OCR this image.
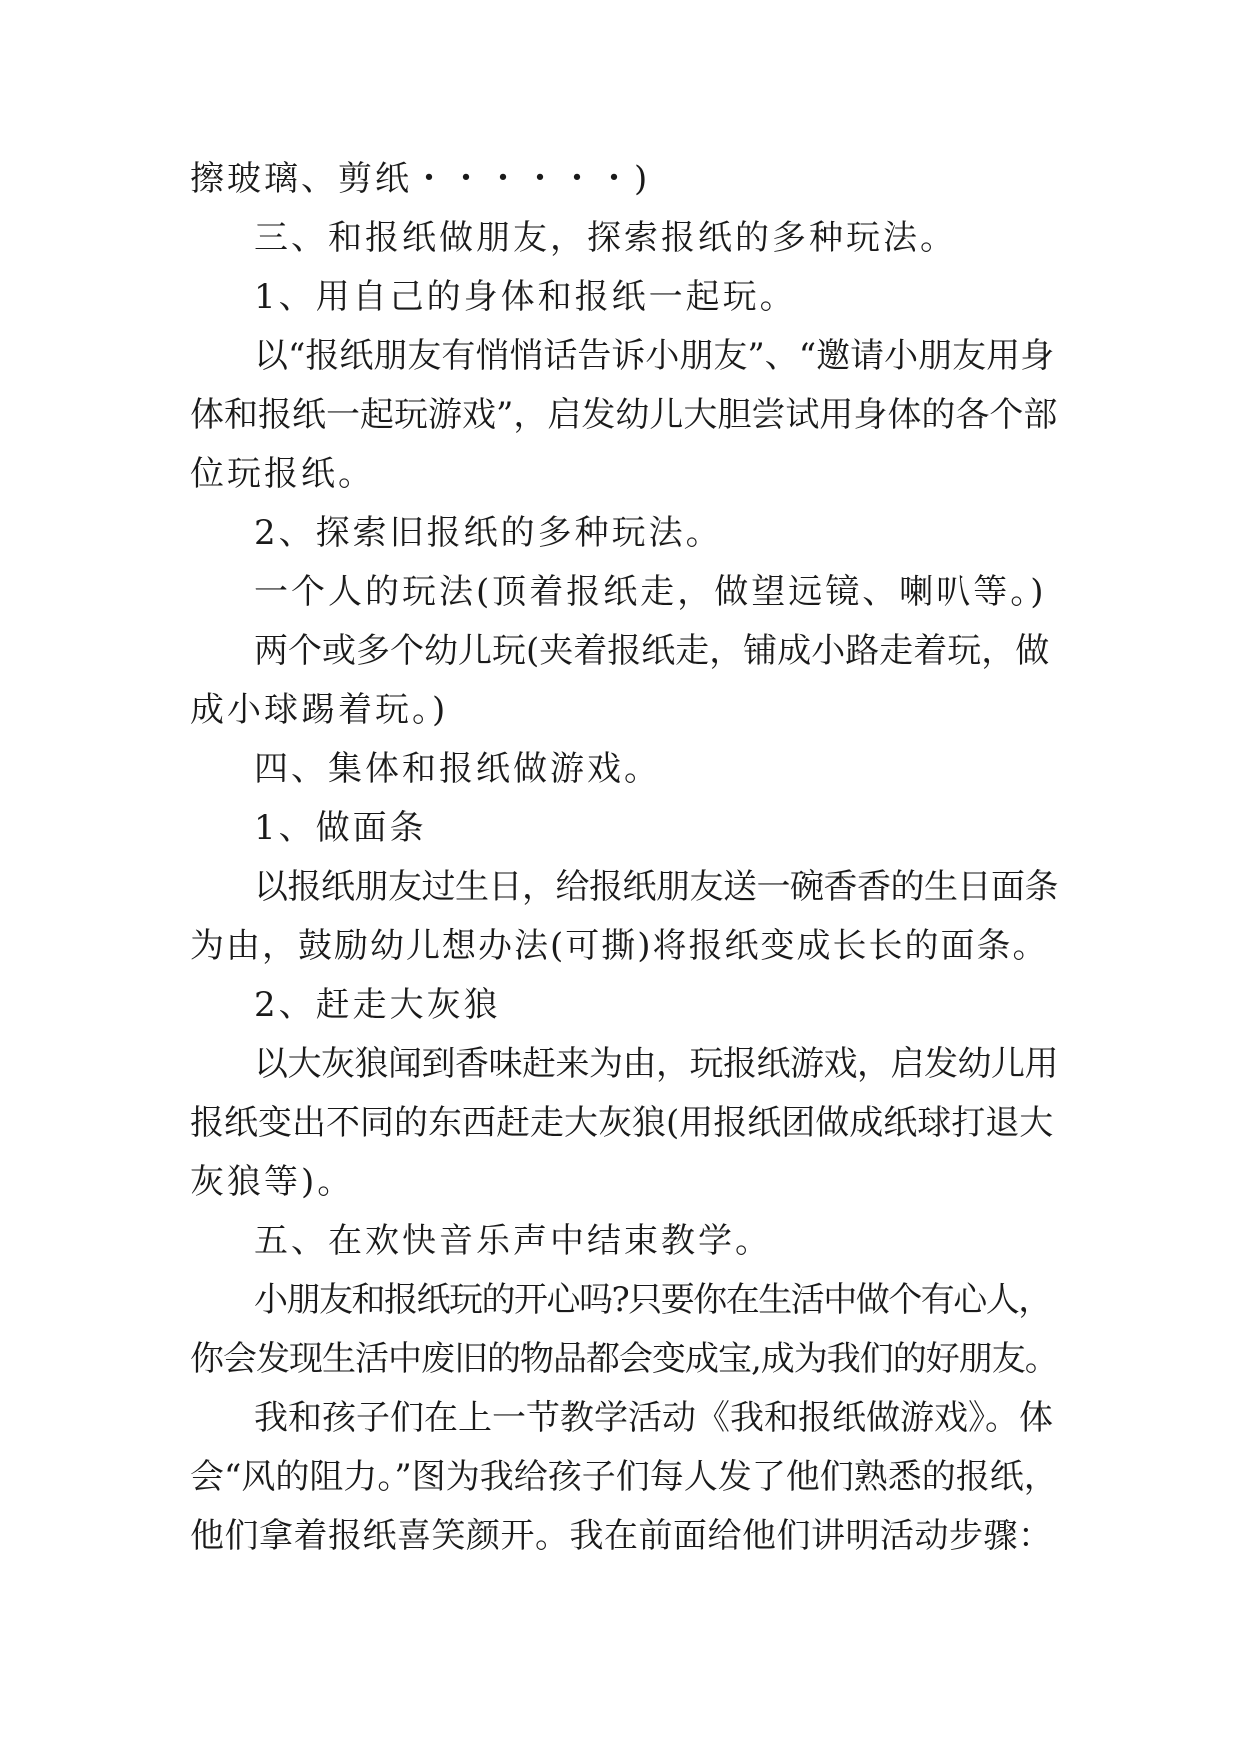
擦玻璃、剪纸・・・・・・)
三、和报纸做朋友，探索报纸的多种玩法。
1、用自己的身体和报纸一起玩。
以“报纸朋友有悄悄话告诉小朋友”、“邀请小朋友用身
体和报纸一起玩游戏”，启发幼儿大胆尝试用身体的各个部
位玩报纸。
2、探索旧报纸的多种玩法。
一个人的玩法(顶着报纸走，做望远镜、喇叭等。)
两个或多个幼儿玩(夹着报纸走，铺成小路走着玩，做
成小球踢着玩。)
四、集体和报纸做游戏。
1、做面条
以报纸朋友过生日，给报纸朋友送一碗香香的生日面条
为由，鼓励幼儿想办法(可撕)将报纸变成长长的面条。
2、赶走大灰狼
以大灰狼闻到香味赶来为由，玩报纸游戏，启发幼儿用
报纸变出不同的东西赶走大灰狼(用报纸团做成纸球打退大
灰狼等)。
五、在欢快音乐声中结束教学。
小朋友和报纸玩的开心吗?只要你在生活中做个有心人，
你会发现生活中废旧的物品都会变成宝,成为我们的好朋友。
我和孩子们在上一节教学活动《我和报纸做游戏》。体
会“风的阻力。”图为我给孩子们每人发了他们熟悉的报纸，
他们拿着报纸喜笑颜开。我在前面给他们讲明活动步骤：
